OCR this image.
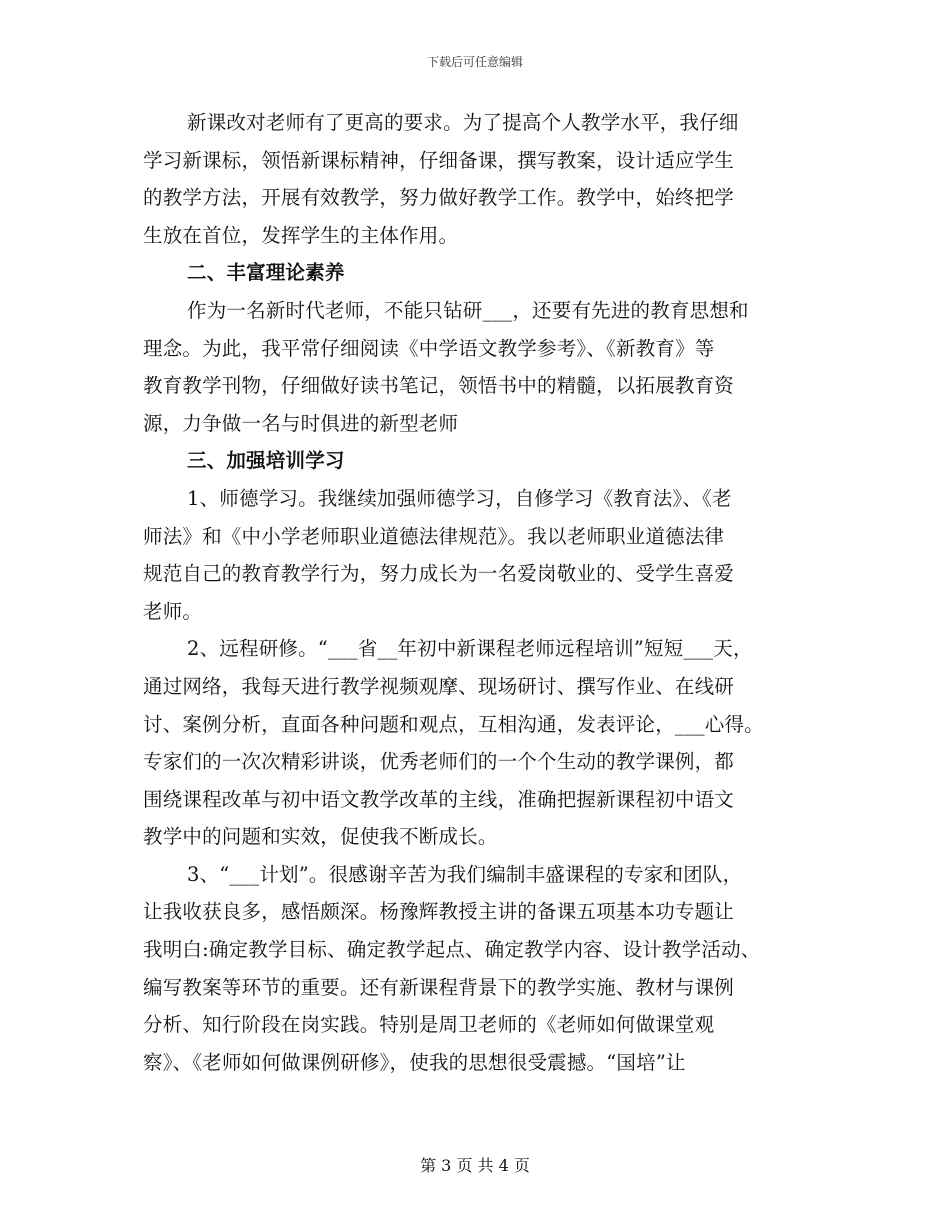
下载后可任意编辑
新课改对老师有了更高的要求。为了提高个人教学水平，我仔细
学习新课标，领悟新课标精神，仔细备课，撰写教案，设计适应学生
的教学方法，开展有效教学，努力做好教学工作。教学中，始终把学
生放在首位，发挥学生的主体作用。
二、丰富理论素养
作为一名新时代老师，不能只钻研___，还要有先进的教育思想和
理念。为此，我平常仔细阅读《中学语文教学参考》、《新教育》等
教育教学刊物，仔细做好读书笔记，领悟书中的精髓，以拓展教育资
源，力争做一名与时俱进的新型老师
三、加强培训学习
1、师德学习。我继续加强师德学习，自修学习《教育法》、《老
师法》和《中小学老师职业道德法律规范》。我以老师职业道德法律
规范自己的教育教学行为，努力成长为一名爱岗敬业的、受学生喜爱
老师。
2、远程研修。“___省__年初中新课程老师远程培训”短短___天，
通过网络，我每天进行教学视频观摩、现场研讨、撰写作业、在线研
讨、案例分析，直面各种问题和观点，互相沟通，发表评论，___心得。
专家们的一次次精彩讲谈，优秀老师们的一个个生动的教学课例，都
围绕课程改革与初中语文教学改革的主线，准确把握新课程初中语文
教学中的问题和实效，促使我不断成长。
3、“___计划”。很感谢辛苦为我们编制丰盛课程的专家和团队，
让我收获良多，感悟颇深。杨豫辉教授主讲的备课五项基本功专题让
我明白:确定教学目标、确定教学起点、确定教学内容、设计教学活动、
编写教案等环节的重要。还有新课程背景下的教学实施、教材与课例
分析、知行阶段在岗实践。特别是周卫老师的《老师如何做课堂观
察》、《老师如何做课例研修》，使我的思想很受震撼。“国培”让
第 3 页 共 4 页
